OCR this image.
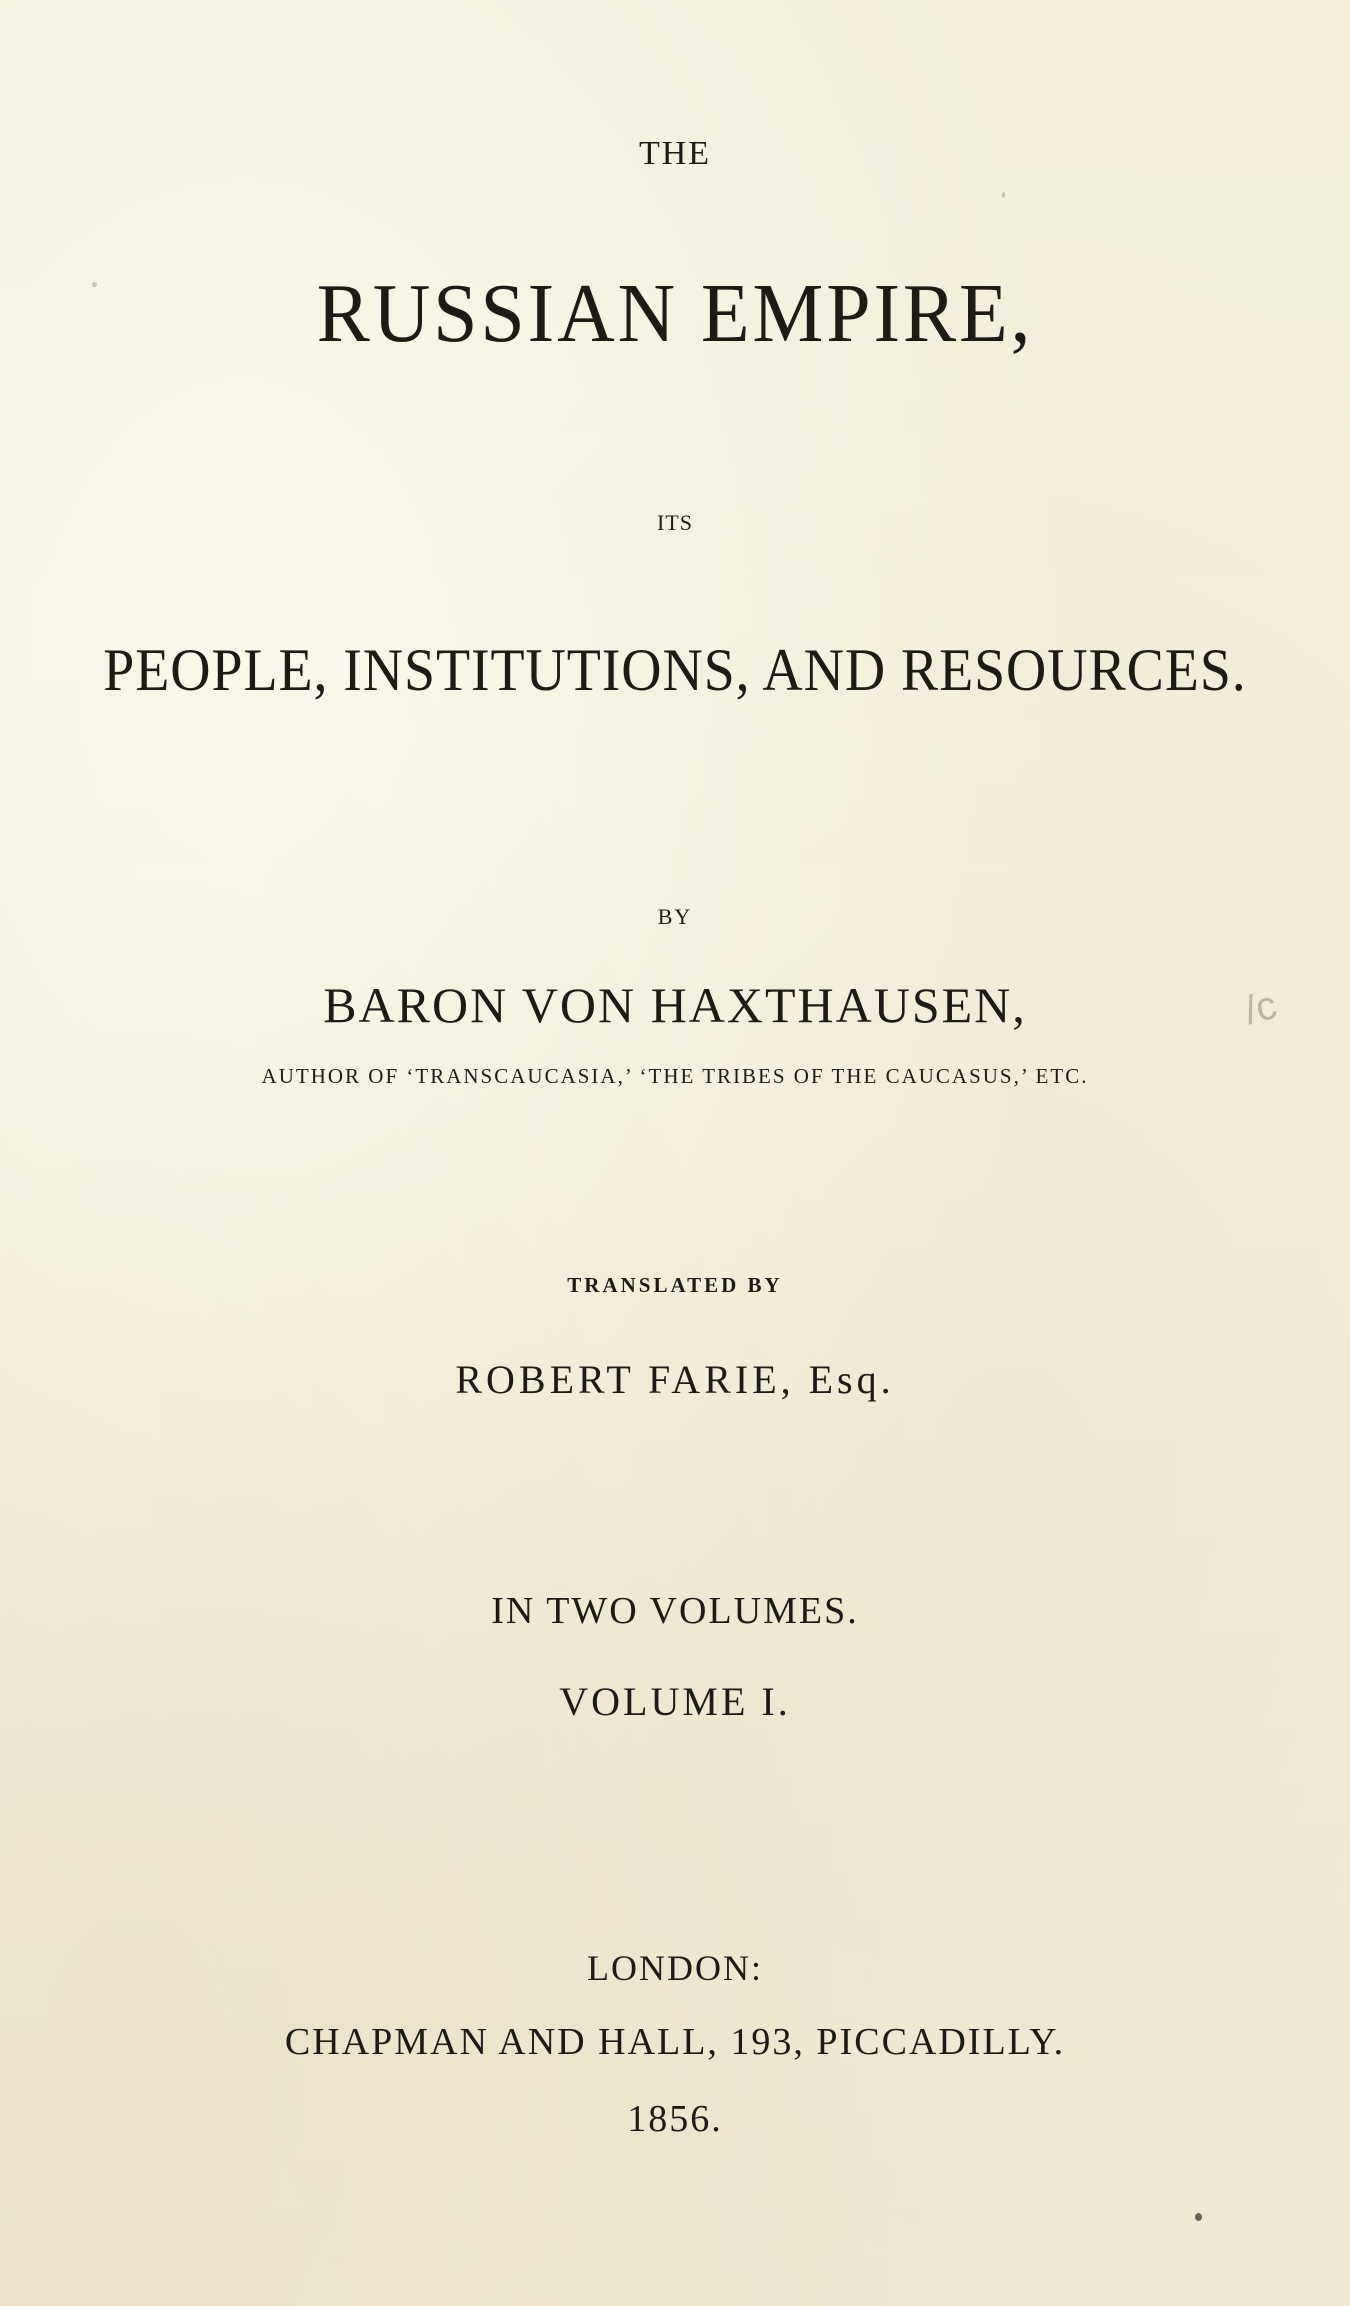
THE
RUSSIAN EMPIRE,
ITS
PEOPLE, INSTITUTIONS, AND RESOURCES.
BY
BARON VON HAXTHAUSEN,
AUTHOR OF ‘TRANSCAUCASIA,’ ‘THE TRIBES OF THE CAUCASUS,’ ETC.
TRANSLATED BY
ROBERT FARIE, Esq.
IN TWO VOLUMES.
VOLUME I.
LONDON:
CHAPMAN AND HALL, 193, PICCADILLY.
1856.
/c
